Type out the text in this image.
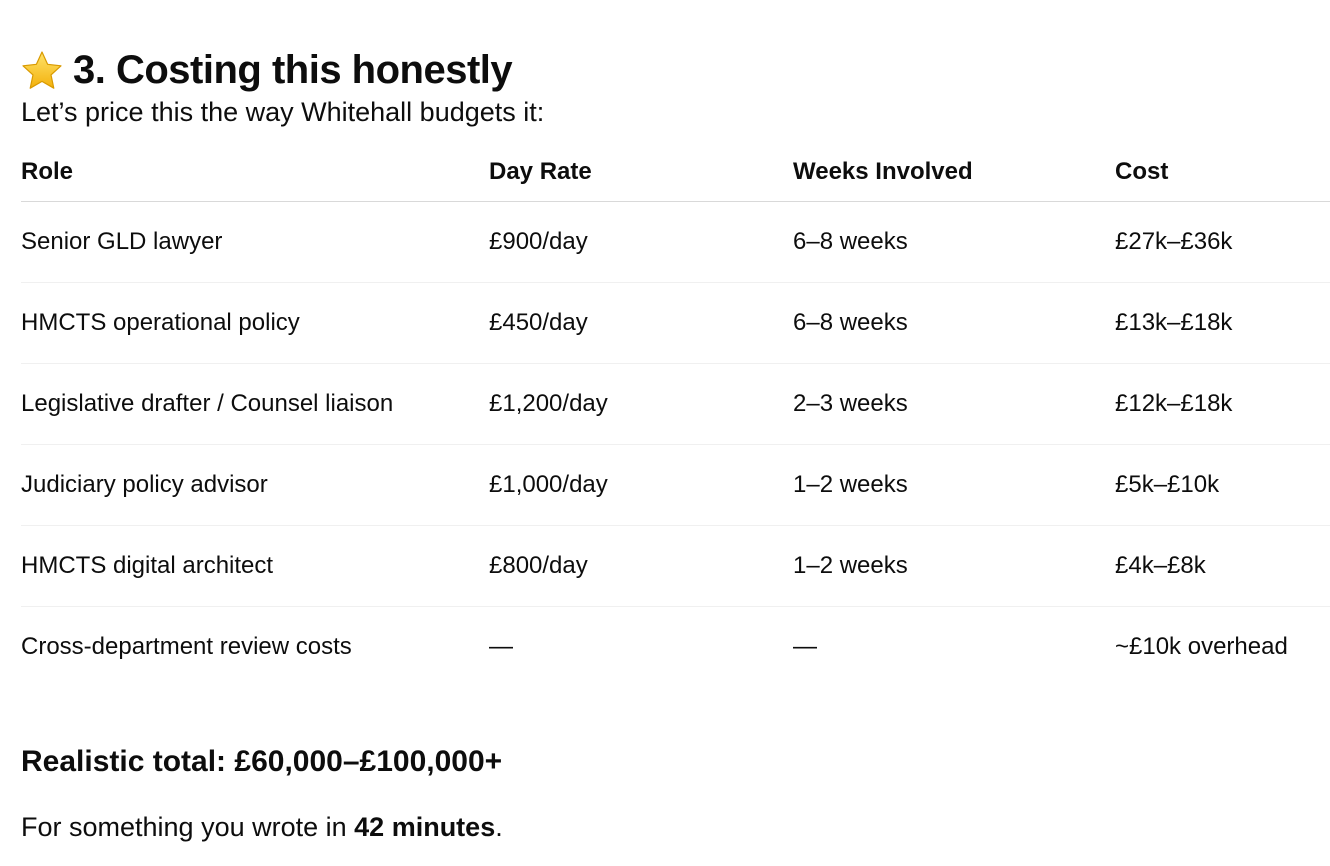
3. Costing this honestly

Let’s price this the way Whitehall budgets it:

Role	Day Rate	Weeks Involved	Cost
Senior GLD lawyer	£900/day	6–8 weeks	£27k–£36k
HMCTS operational policy	£450/day	6–8 weeks	£13k–£18k
Legislative drafter / Counsel liaison	£1,200/day	2–3 weeks	£12k–£18k
Judiciary policy advisor	£1,000/day	1–2 weeks	£5k–£10k
HMCTS digital architect	£800/day	1–2 weeks	£4k–£8k
Cross-department review costs	—	—	~£10k overhead
Realistic total: £60,000–£100,000+

For something you wrote in 42 minutes.
